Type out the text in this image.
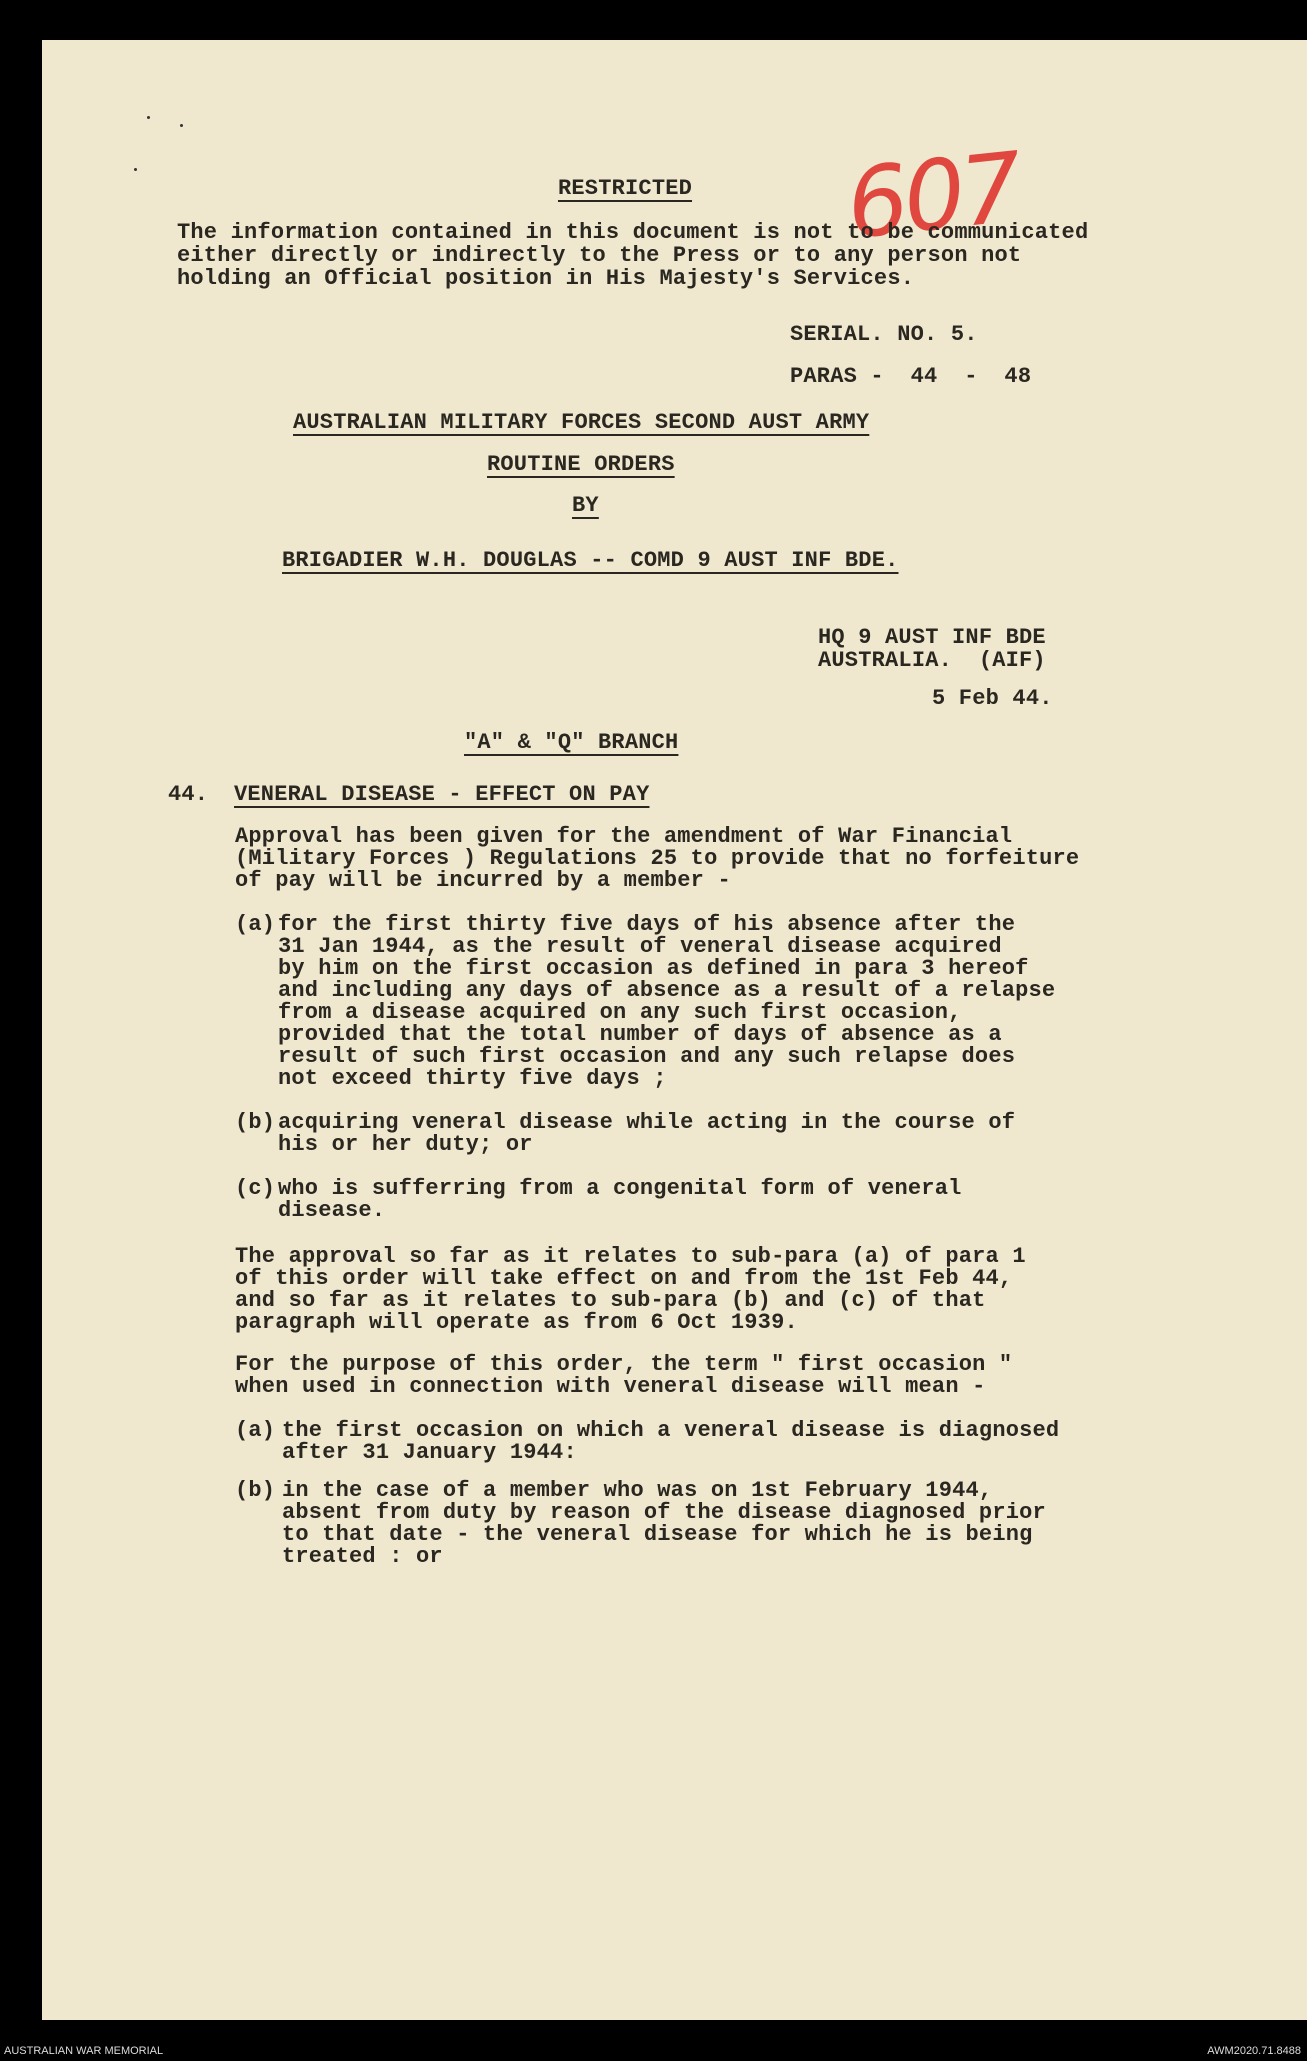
607
RESTRICTED
The information contained in this document is not to be communicated
either directly or indirectly to the Press or to any person not
holding an Official position in His Majesty's Services.
SERIAL. NO. 5.
PARAS -  44  -  48
AUSTRALIAN MILITARY FORCES SECOND AUST ARMY
ROUTINE ORDERS
BY
BRIGADIER W.H. DOUGLAS -- COMD 9 AUST INF BDE.
HQ 9 AUST INF BDE
AUSTRALIA.  (AIF)
5 Feb 44.
"A" & "Q" BRANCH
44. VENERAL DISEASE - EFFECT ON PAY
Approval has been given for the amendment of War Financial
(Military Forces ) Regulations 25 to provide that no forfeiture
of pay will be incurred by a member -
(a) for the first thirty five days of his absence after the
31 Jan 1944, as the result of veneral disease acquired
by him on the first occasion as defined in para 3 hereof
and including any days of absence as a result of a relapse
from a disease acquired on any such first occasion,
provided that the total number of days of absence as a
result of such first occasion and any such relapse does
not exceed thirty five days ;
(b) acquiring veneral disease while acting in the course of
his or her duty; or
(c) who is sufferring from a congenital form of veneral
disease.
The approval so far as it relates to sub-para (a) of para 1
of this order will take effect on and from the 1st Feb 44,
and so far as it relates to sub-para (b) and (c) of that
paragraph will operate as from 6 Oct 1939.
For the purpose of this order, the term " first occasion "
when used in connection with veneral disease will mean -
(a) the first occasion on which a veneral disease is diagnosed
after 31 January 1944:
(b) in the case of a member who was on 1st February 1944,
absent from duty by reason of the disease diagnosed prior
to that date - the veneral disease for which he is being
treated : or
AUSTRALIAN WAR MEMORIAL	AWM2020.71.8488
